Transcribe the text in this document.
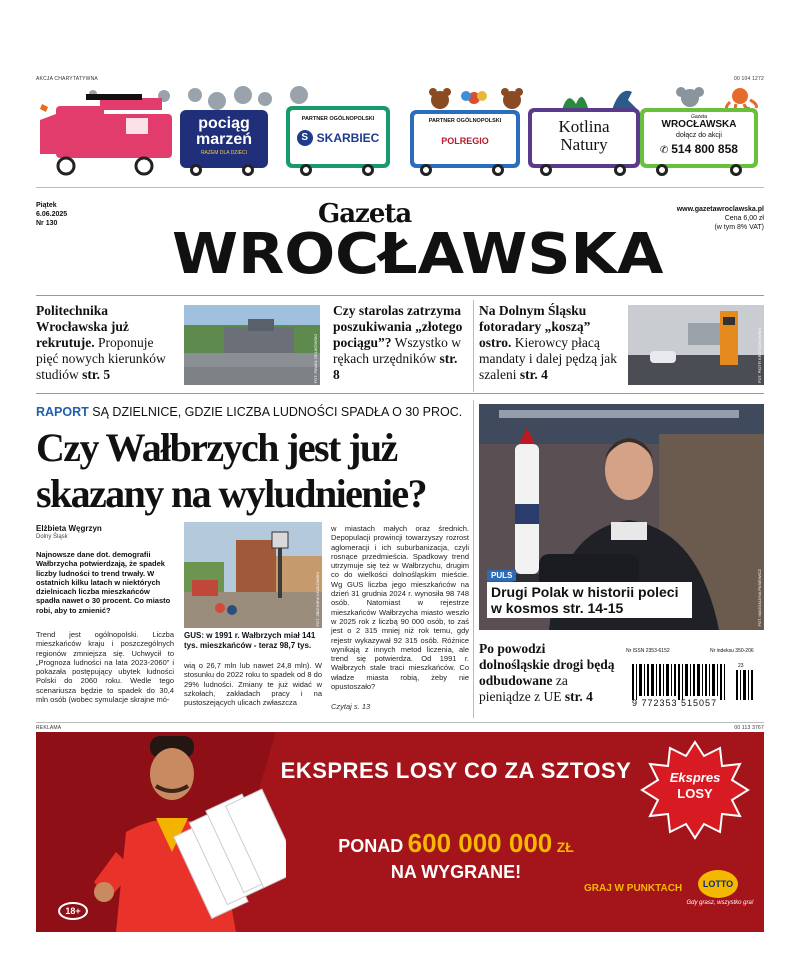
AKCJA CHARYTATYWNA	00 104 1272
pociąg
marzeń
RAZEM DLA DZIECI
PARTNER OGÓLNOPOLSKI
S SKARBIEC
PARTNER OGÓLNOPOLSKI
POLREGIO
Kotlina
Natury
Gazeta
WROCŁAWSKA
dołącz do akcji
✆ 514 800 858
Piątek
6.06.2025
Nr 130
www.gazetawroclawska.pl
Cena 6,00 zł
(w tym 8% VAT)
Gazeta
WROCŁAWSKA
Politechnika Wrocławska już rekrutuje. Proponuje pięć nowych kierunków studiów str. 5	FOT. PAWEŁ RELIKOWSKI
Czy starolas zatrzyma poszukiwania „złotego pociągu”? Wszystko w rękach urzędników str. 8
Na Dolnym Śląsku fotoradary „koszą” ostro. Kierowcy płacą mandaty i dalej pędzą jak szaleni str. 4	FOT. PIOTR KRZYŻANOWSKI
RAPORT SĄ DZIELNICE, GDZIE LICZBA LUDNOŚCI SPADŁA O 30 PROC.
Czy Wałbrzych jest już
skazany na wyludnienie?
Elżbieta Węgrzyn
Dolny Śląsk
Najnowsze dane dot. demografii Wałbrzycha potwierdzają, że spadek liczby ludności to trend trwały. W ostatnich kilku latach w niektórych dzielnicach liczba mieszkańców spadła nawet o 30 procent. Co miasto robi, aby to zmienić?
Trend jest ogólnopolski. Liczba mieszkańców kraju i poszczególnych regionów zmniejsza się. Uchwycił to „Prognoza ludności na lata 2023-2060” i pokazała postępujący ubytek ludności Polski do 2060 roku. Wedle tego scenariusza będzie to spadek do 30,4 mln osób (wobec symulacje skrajne mó-
FOT. ZBIGNIEW KOZŁOWSKI
GUS: w 1991 r. Wałbrzych miał 141 tys. mieszkańców - teraz 98,7 tys.
wią o 26,7 mln lub nawet 24,8 mln). W stosunku do 2022 roku to spadek od 8 do 29% ludności. Zmiany te już widać w szkołach, zakładach pracy i na pustoszejących ulicach zwłaszcza
w miastach małych oraz średnich. Depopulacji prowincji towarzyszy rozrost aglomeracji i ich suburbanizacja, czyli rosnące przedmieścia. Spadkowy trend utrzymuje się też w Wałbrzychu, drugim co do wielkości dolnośląskim mieście. Wg GUS liczba jego mieszkańców na dzień 31 grudnia 2024 r. wynosiła 98 748 osób. Natomiast w rejestrze mieszkańców Wałbrzycha miasto weszło w 2025 rok z liczbą 90 000 osób, to zaś jest o 2 315 mniej niż rok temu, gdy rejestr wykazywał 92 315 osób. Różnice wynikają z innych metod liczenia, ale trend się potwierdza. Od 1991 r. Wałbrzych stale traci mieszkańców. Co władze miasta robią, żeby nie opustoszało?
Czytaj s. 13
FOT. MAGDALENA PASIEWICZ
PULS
Drugi Polak w historii poleci w kosmos str. 14-15
Po powodzi dolnośląskie drogi będą odbudowane za pieniądze z UE str. 4
Nr ISSN 2353-6152	Nr indeksu 350-206
9 772353 515057
23
REKLAMA	00 113 3767
18+
EKSPRES LOSY CO ZA SZTOSY
PONAD 600 000 000 ZŁ
NA WYGRANE!
Ekspres
LOSY
GRAJ W PUNKTACH	LOTTO
Gdy grasz, wszystko gra!
